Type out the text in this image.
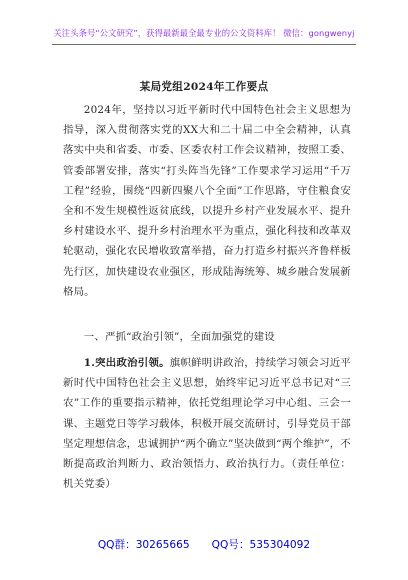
关注头条号“公文研究”，获得最新最全最专业的公文资料库！ 微信：gongwenyj
某局党组2024年工作要点

2024年，坚持以习近平新时代中国特色社会主义思想为指导，深入贯彻落实党的XX大和二十届二中全会精神，认真落实中央和省委、市委、区委农村工作会议精神，按照工委、管委部署安排，落实“打头阵当先锋”工作要求学习运用“千万工程”经验，围绕“四新四聚八个全面”工作思路，守住粮食安全和不发生规模性返贫底线，以提升乡村产业发展水平、提升乡村建设水平、提升乡村治理水平为重点，强化科技和改革双轮驱动，强化农民增收致富举措，奋力打造乡村振兴齐鲁样板先行区，加快建设农业强区，形成陆海统筹、城乡融合发展新格局。

一、严抓“政治引领”，全面加强党的建设

1.突出政治引领。旗帜鲜明讲政治，持续学习领会习近平新时代中国特色社会主义思想，始终牢记习近平总书记对“三农”工作的重要指示精神，依托党组理论学习中心组、三会一课、主题党日等学习载体，积极开展交流研讨，引导党员干部坚定理想信念，忠诚拥护“两个确立”坚决做到“两个维护”，不断提高政治判断力、政治领悟力、政治执行力。（责任单位：机关党委）

QQ群：30265665 QQ号：535304092
